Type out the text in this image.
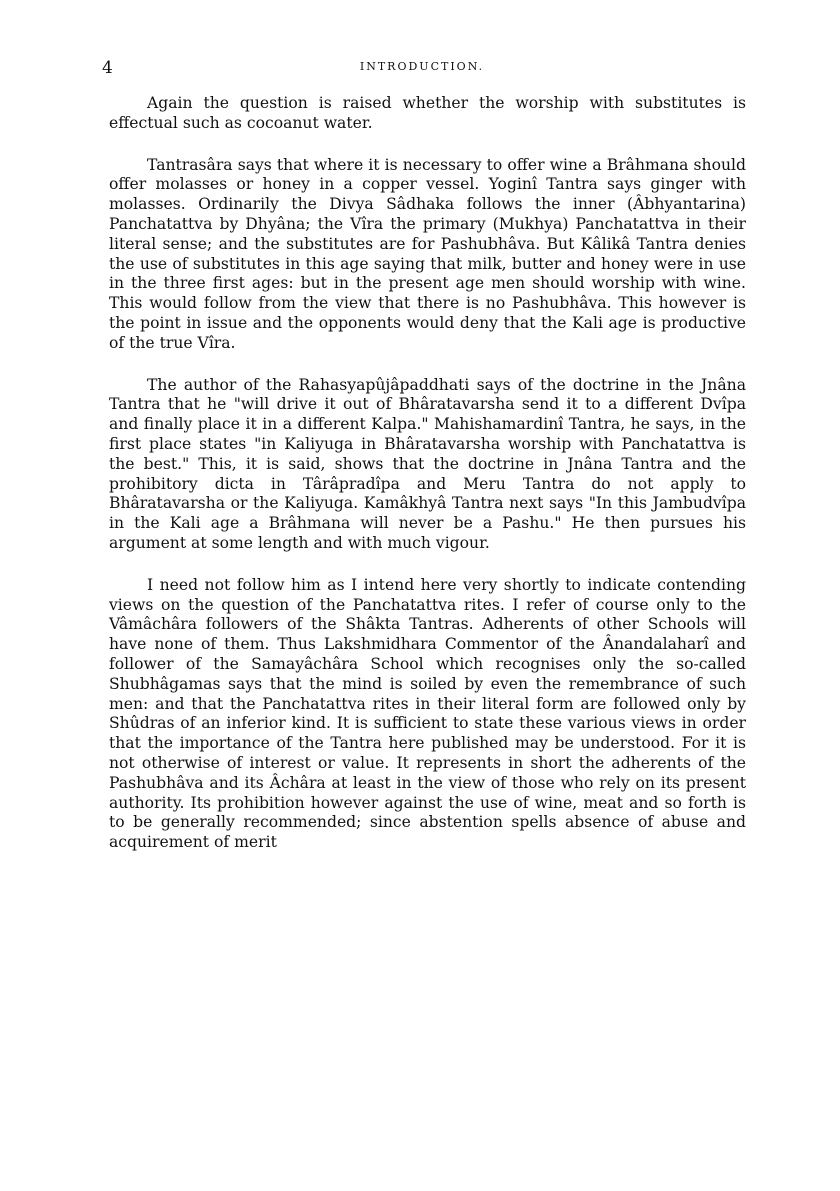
4	INTRODUCTION.

Again the question is raised whether the worship with substitutes is effectual such as cocoanut water.

Tantrasâra says that where it is necessary to offer wine a Brâhmana should offer molasses or honey in a copper vessel. Yoginî Tantra says ginger with molasses. Ordinarily the Divya Sâdhaka follows the inner (Âbhyantarina) Panchatattva by Dhyâna; the Vîra the primary (Mukhya) Panchatattva in their literal sense; and the substitutes are for Pashubhâva. But Kâlikâ Tantra denies the use of substitutes in this age saying that milk, butter and honey were in use in the three first ages: but in the present age men should worship with wine. This would follow from the view that there is no Pashubhâva. This however is the point in issue and the opponents would deny that the Kali age is productive of the true Vîra.

The author of the Rahasyapûjâpaddhati says of the doctrine in the Jnâna Tantra that he "will drive it out of Bhâratavarsha send it to a different Dvîpa and finally place it in a different Kalpa." Mahishamardinî Tantra, he says, in the first place states "in Kaliyuga in Bhâratavarsha worship with Panchatattva is the best." This, it is said, shows that the doctrine in Jnâna Tantra and the prohibitory dicta in Târâpradîpa and Meru Tantra do not apply to Bhâratavarsha or the Kaliyuga. Kamâkhyâ Tantra next says "In this Jambudvîpa in the Kali age a Brâhmana will never be a Pashu." He then pursues his argument at some length and with much vigour.

I need not follow him as I intend here very shortly to indicate contending views on the question of the Panchatattva rites. I refer of course only to the Vâmâchâra followers of the Shâkta Tantras. Adherents of other Schools will have none of them. Thus Lakshmidhara Commentor of the Ânandalaharî and follower of the Samayâchâra School which recognises only the so-called Shubhâgamas says that the mind is soiled by even the remembrance of such men: and that the Panchatattva rites in their literal form are followed only by Shûdras of an inferior kind. It is sufficient to state these various views in order that the importance of the Tantra here published may be understood. For it is not otherwise of interest or value. It represents in short the adherents of the Pashubhâva and its Âchâra at least in the view of those who rely on its present authority. Its prohibition however against the use of wine, meat and so forth is to be generally recommended; since abstention spells absence of abuse and acquirement of merit
